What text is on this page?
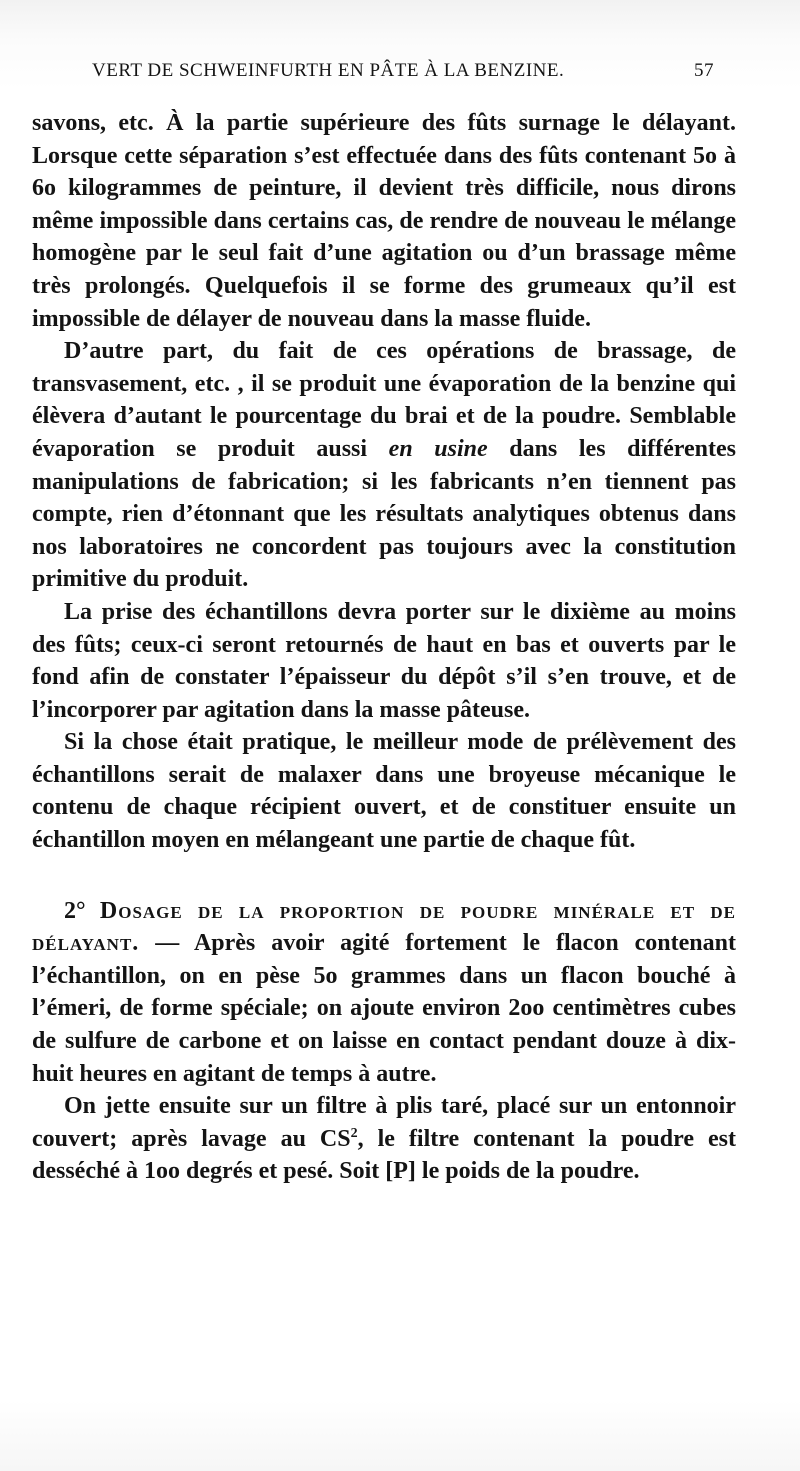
VERT DE SCHWEINFURTH EN PÂTE À LA BENZINE.	57

savons, etc. À la partie supérieure des fûts surnage le délayant. Lorsque cette séparation s’est effectuée dans des fûts contenant 5o à 6o kilogrammes de peinture, il devient très difficile, nous dirons même impossible dans certains cas, de rendre de nouveau le mélange homogène par le seul fait d’une agitation ou d’un brassage même très prolongés. Quelquefois il se forme des grumeaux qu’il est impossible de délayer de nouveau dans la masse fluide.

D’autre part, du fait de ces opérations de brassage, de transvasement, etc. , il se produit une évaporation de la benzine qui élèvera d’autant le pourcentage du brai et de la poudre. Semblable évaporation se produit aussi en usine dans les différentes manipulations de fabrication; si les fabricants n’en tiennent pas compte, rien d’étonnant que les résultats analytiques obtenus dans nos laboratoires ne concordent pas toujours avec la constitution primitive du produit.

La prise des échantillons devra porter sur le dixième au moins des fûts; ceux-ci seront retournés de haut en bas et ouverts par le fond afin de constater l’épaisseur du dépôt s’il s’en trouve, et de l’incorporer par agitation dans la masse pâteuse.

Si la chose était pratique, le meilleur mode de prélèvement des échantillons serait de malaxer dans une broyeuse mécanique le contenu de chaque récipient ouvert, et de constituer ensuite un échantillon moyen en mélangeant une partie de chaque fût.

2° Dosage de la proportion de poudre minérale et de délayant. — Après avoir agité fortement le flacon contenant l’échantillon, on en pèse 5o grammes dans un flacon bouché à l’émeri, de forme spéciale; on ajoute environ 2oo centimètres cubes de sulfure de carbone et on laisse en contact pendant douze à dix-huit heures en agitant de temps à autre.

On jette ensuite sur un filtre à plis taré, placé sur un entonnoir couvert; après lavage au $CS^2$, le filtre contenant la poudre est desséché à 1oo degrés et pesé. Soit [P] le poids de la poudre.
